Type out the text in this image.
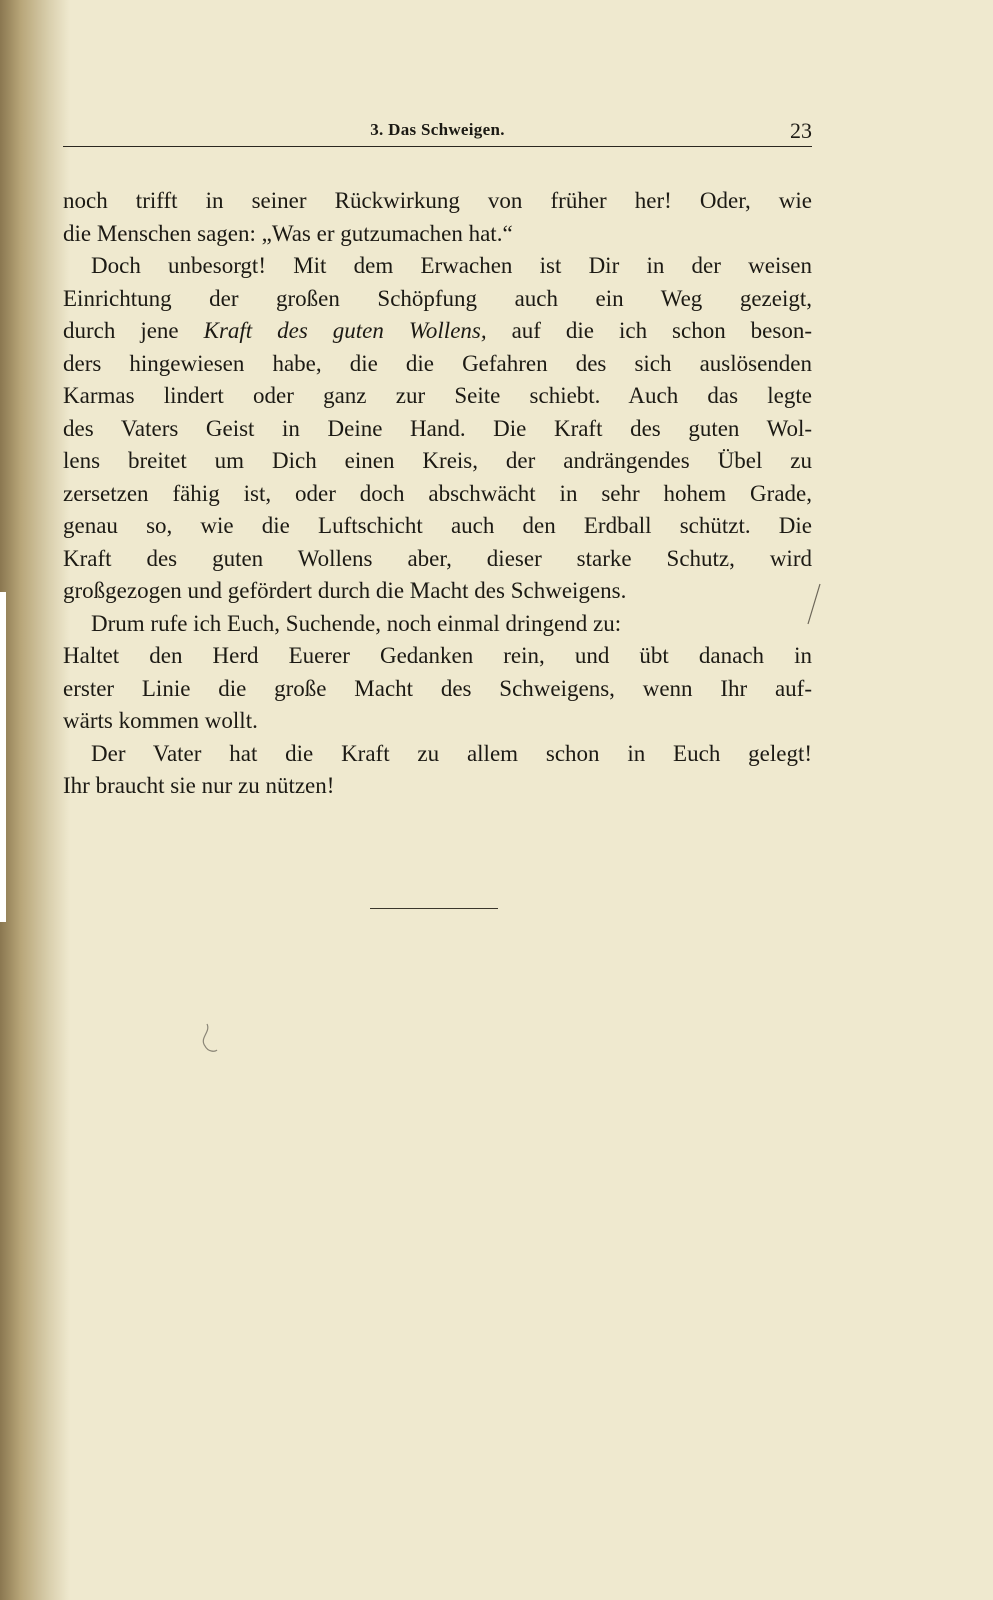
3. Das Schweigen.	23
noch trifft in seiner Rückwirkung von früher her! Oder, wie
die Menschen sagen: „Was er gutzumachen hat.“
Doch unbesorgt! Mit dem Erwachen ist Dir in der weisen
Einrichtung der großen Schöpfung auch ein Weg gezeigt,
durch jene Kraft des guten Wollens, auf die ich schon beson-
ders hingewiesen habe, die die Gefahren des sich auslösenden
Karmas lindert oder ganz zur Seite schiebt. Auch das legte
des Vaters Geist in Deine Hand. Die Kraft des guten Wol-
lens breitet um Dich einen Kreis, der andrängendes Übel zu
zersetzen fähig ist, oder doch abschwächt in sehr hohem Grade,
genau so, wie die Luftschicht auch den Erdball schützt. Die
Kraft des guten Wollens aber, dieser starke Schutz, wird
großgezogen und gefördert durch die Macht des Schweigens.
Drum rufe ich Euch, Suchende, noch einmal dringend zu:
Haltet den Herd Euerer Gedanken rein, und übt danach in
erster Linie die große Macht des Schweigens, wenn Ihr auf-
wärts kommen wollt.
Der Vater hat die Kraft zu allem schon in Euch gelegt!
Ihr braucht sie nur zu nützen!
